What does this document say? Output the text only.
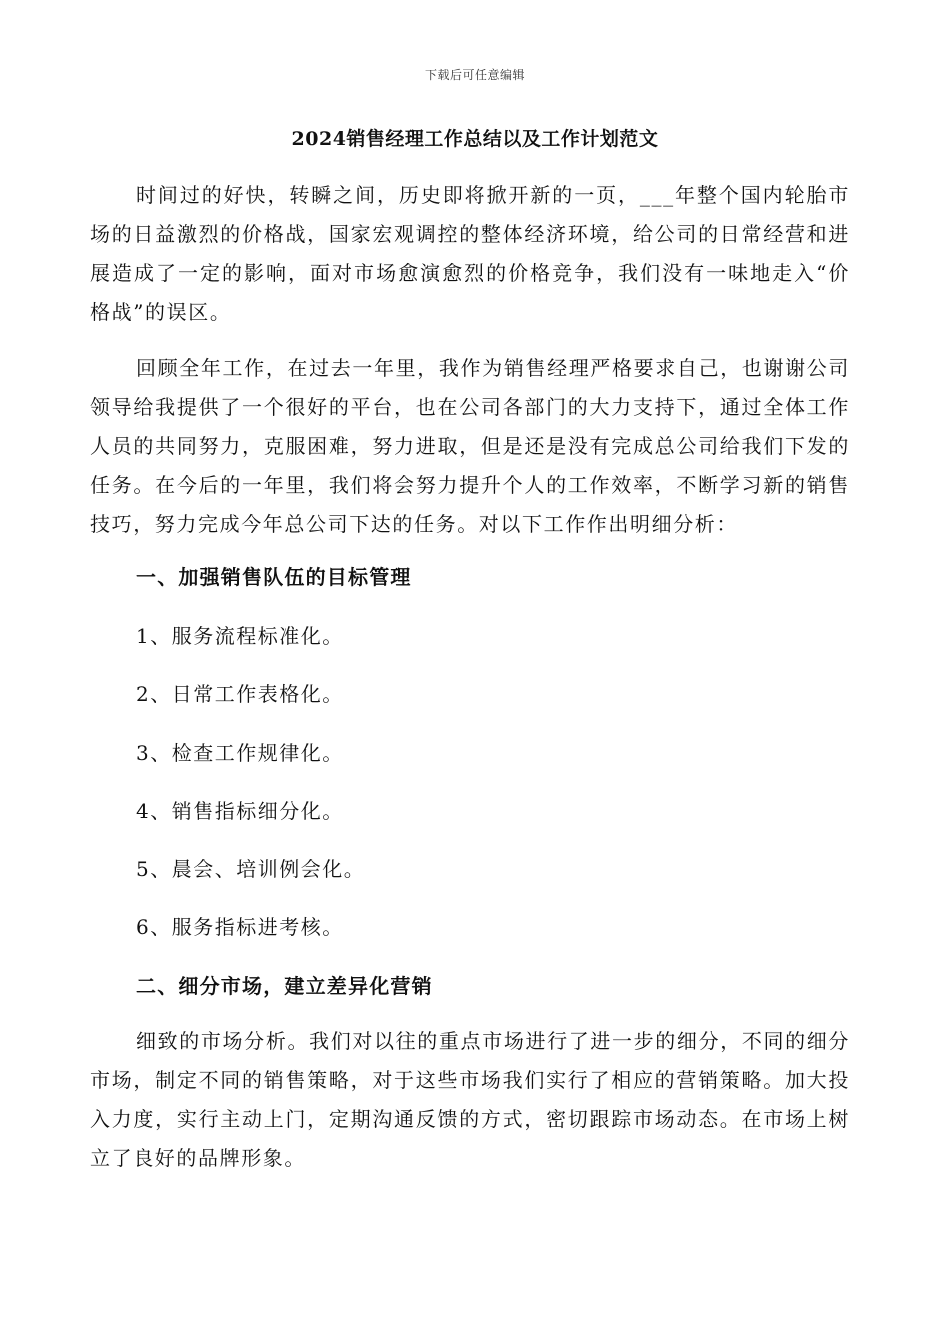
下载后可任意编辑
2024销售经理工作总结以及工作计划范文

时间过的好快，转瞬之间，历史即将掀开新的一页，___年整个国内轮胎市场的日益激烈的价格战，国家宏观调控的整体经济环境，给公司的日常经营和进展造成了一定的影响，面对市场愈演愈烈的价格竞争，我们没有一味地走入“价格战”的误区。

回顾全年工作，在过去一年里，我作为销售经理严格要求自己，也谢谢公司领导给我提供了一个很好的平台，也在公司各部门的大力支持下，通过全体工作人员的共同努力，克服困难，努力进取，但是还是没有完成总公司给我们下发的任务。在今后的一年里，我们将会努力提升个人的工作效率，不断学习新的销售技巧，努力完成今年总公司下达的任务。对以下工作作出明细分析：

一、加强销售队伍的目标管理

1、服务流程标准化。

2、日常工作表格化。

3、检查工作规律化。

4、销售指标细分化。

5、晨会、培训例会化。

6、服务指标进考核。

二、细分市场，建立差异化营销

细致的市场分析。我们对以往的重点市场进行了进一步的细分，不同的细分市场，制定不同的销售策略，对于这些市场我们实行了相应的营销策略。加大投入力度，实行主动上门，定期沟通反馈的方式，密切跟踪市场动态。在市场上树立了良好的品牌形象。
